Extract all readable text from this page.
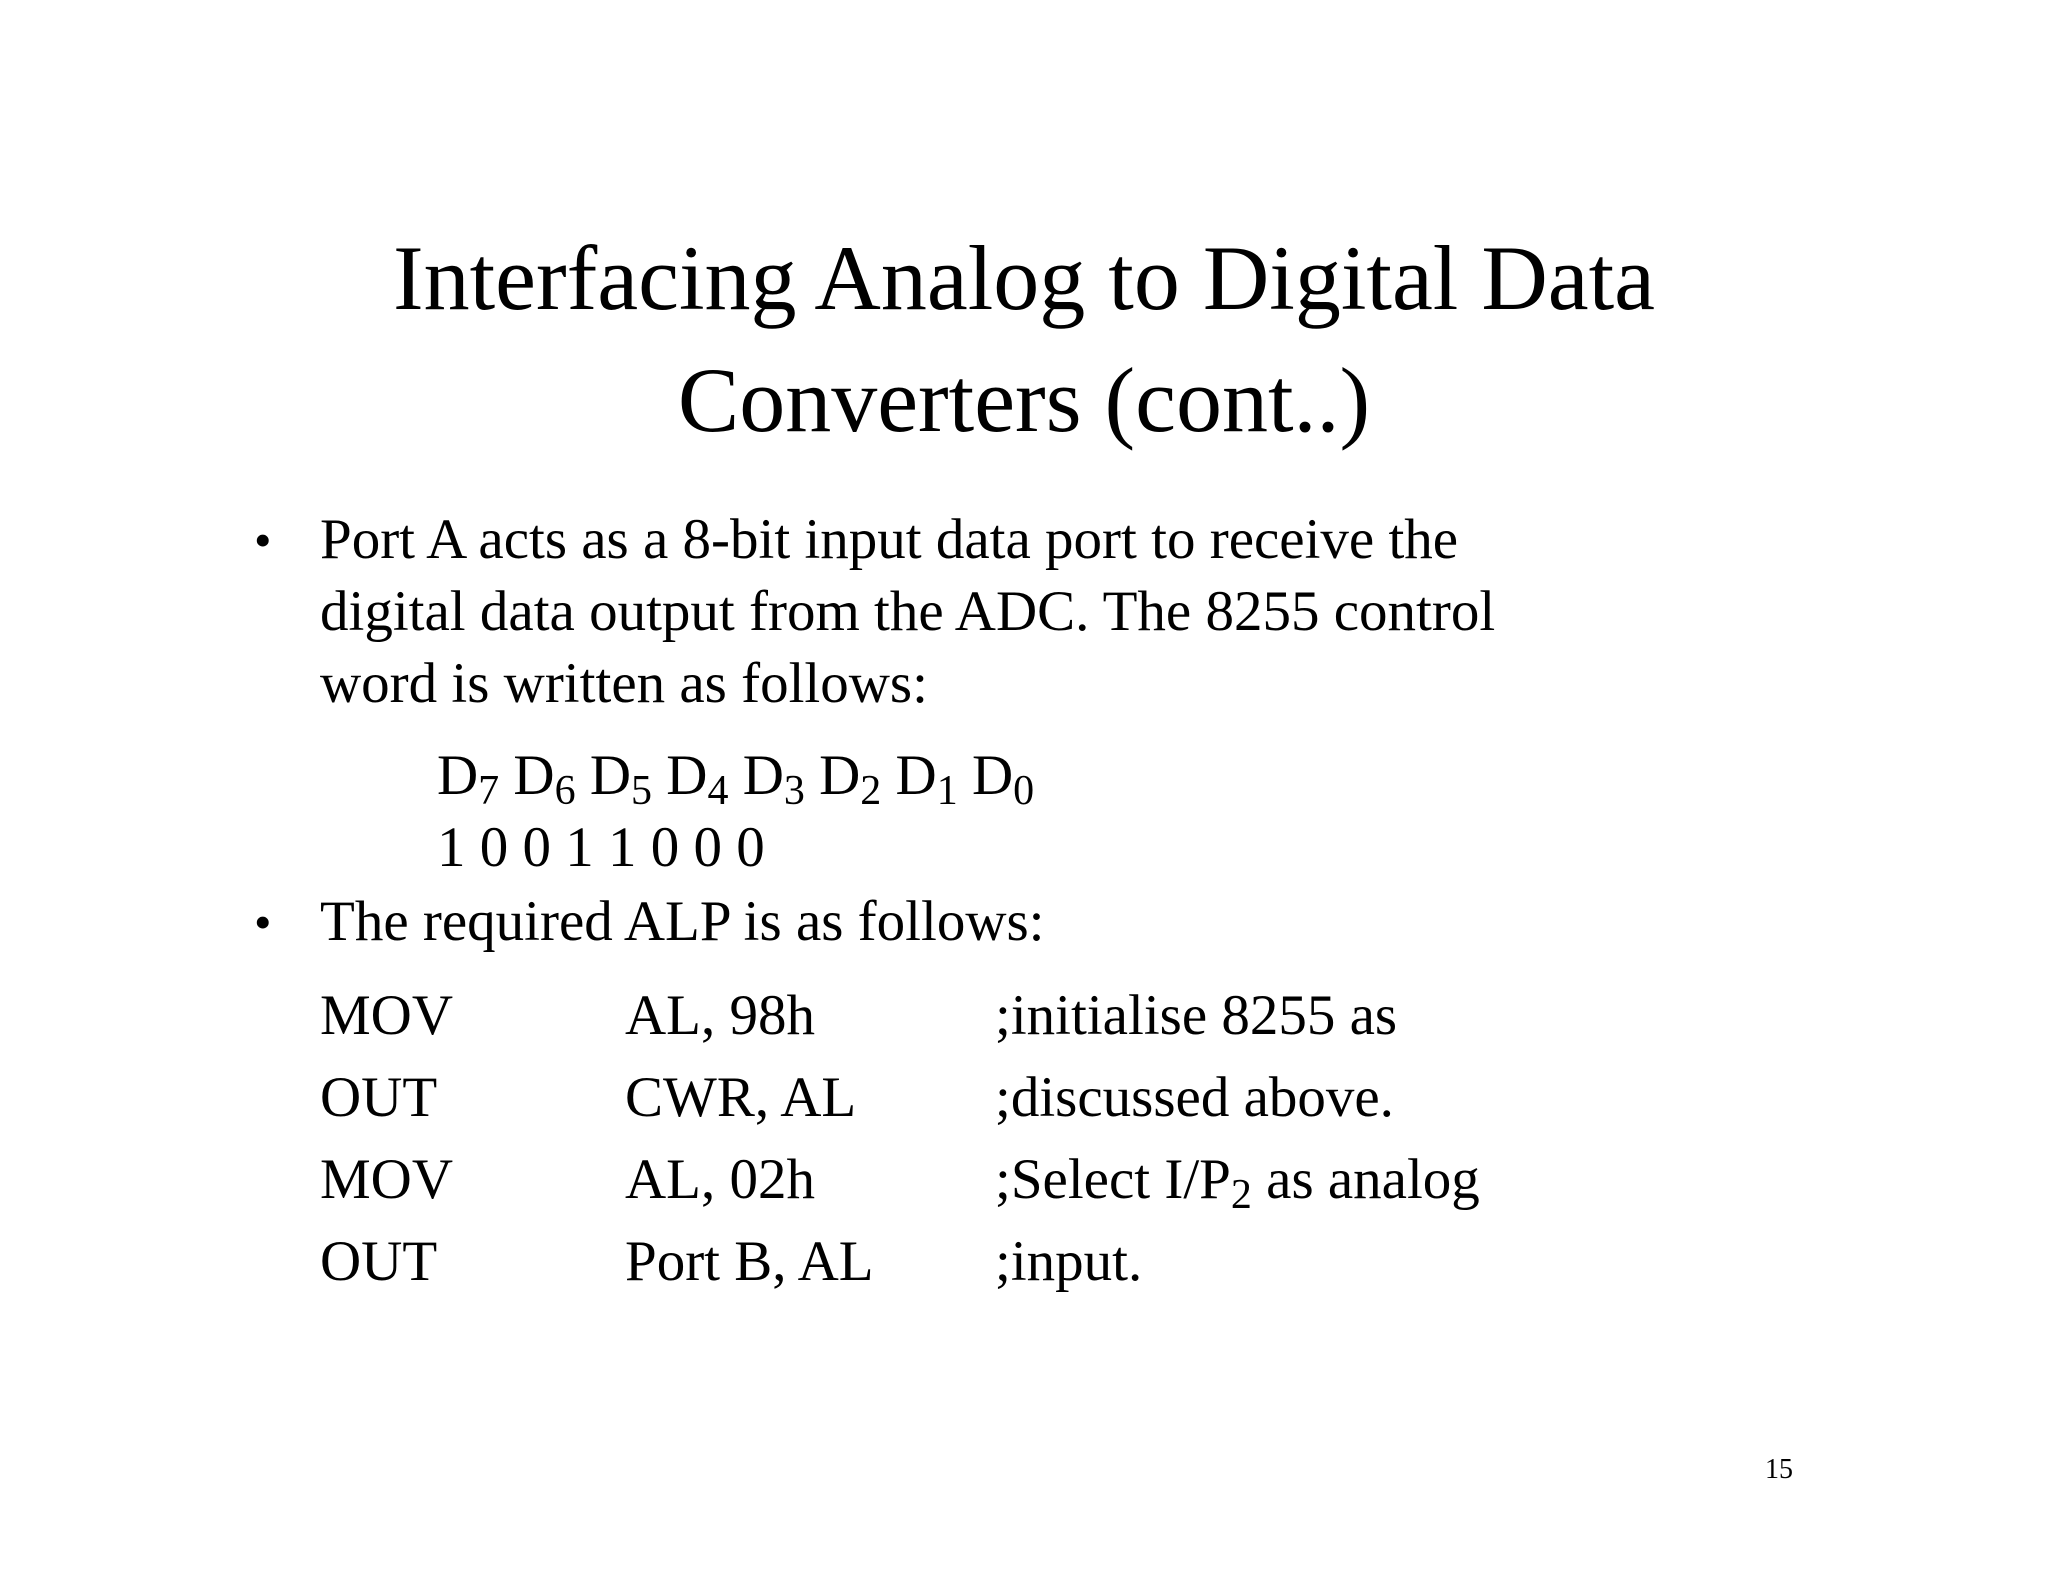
Interfacing Analog to Digital Data
Converters (cont..)
• Port A acts as a 8-bit input data port to receive the
digital data output from the ADC. The 8255 control
word is written as follows:
$D_7$ $D_6$ $D_5$ $D_4$ $D_3$ $D_2$ $D_1$ $D_0$
1 0 0 1 1 0 0 0
• The required ALP is as follows:
MOV	AL, 98h	;initialise 8255 as
OUT	CWR, AL ;discussed above.
MOV	AL, 02h	;Select $I/P_2$ as analog
OUT	Port B, AL ;input.
15
